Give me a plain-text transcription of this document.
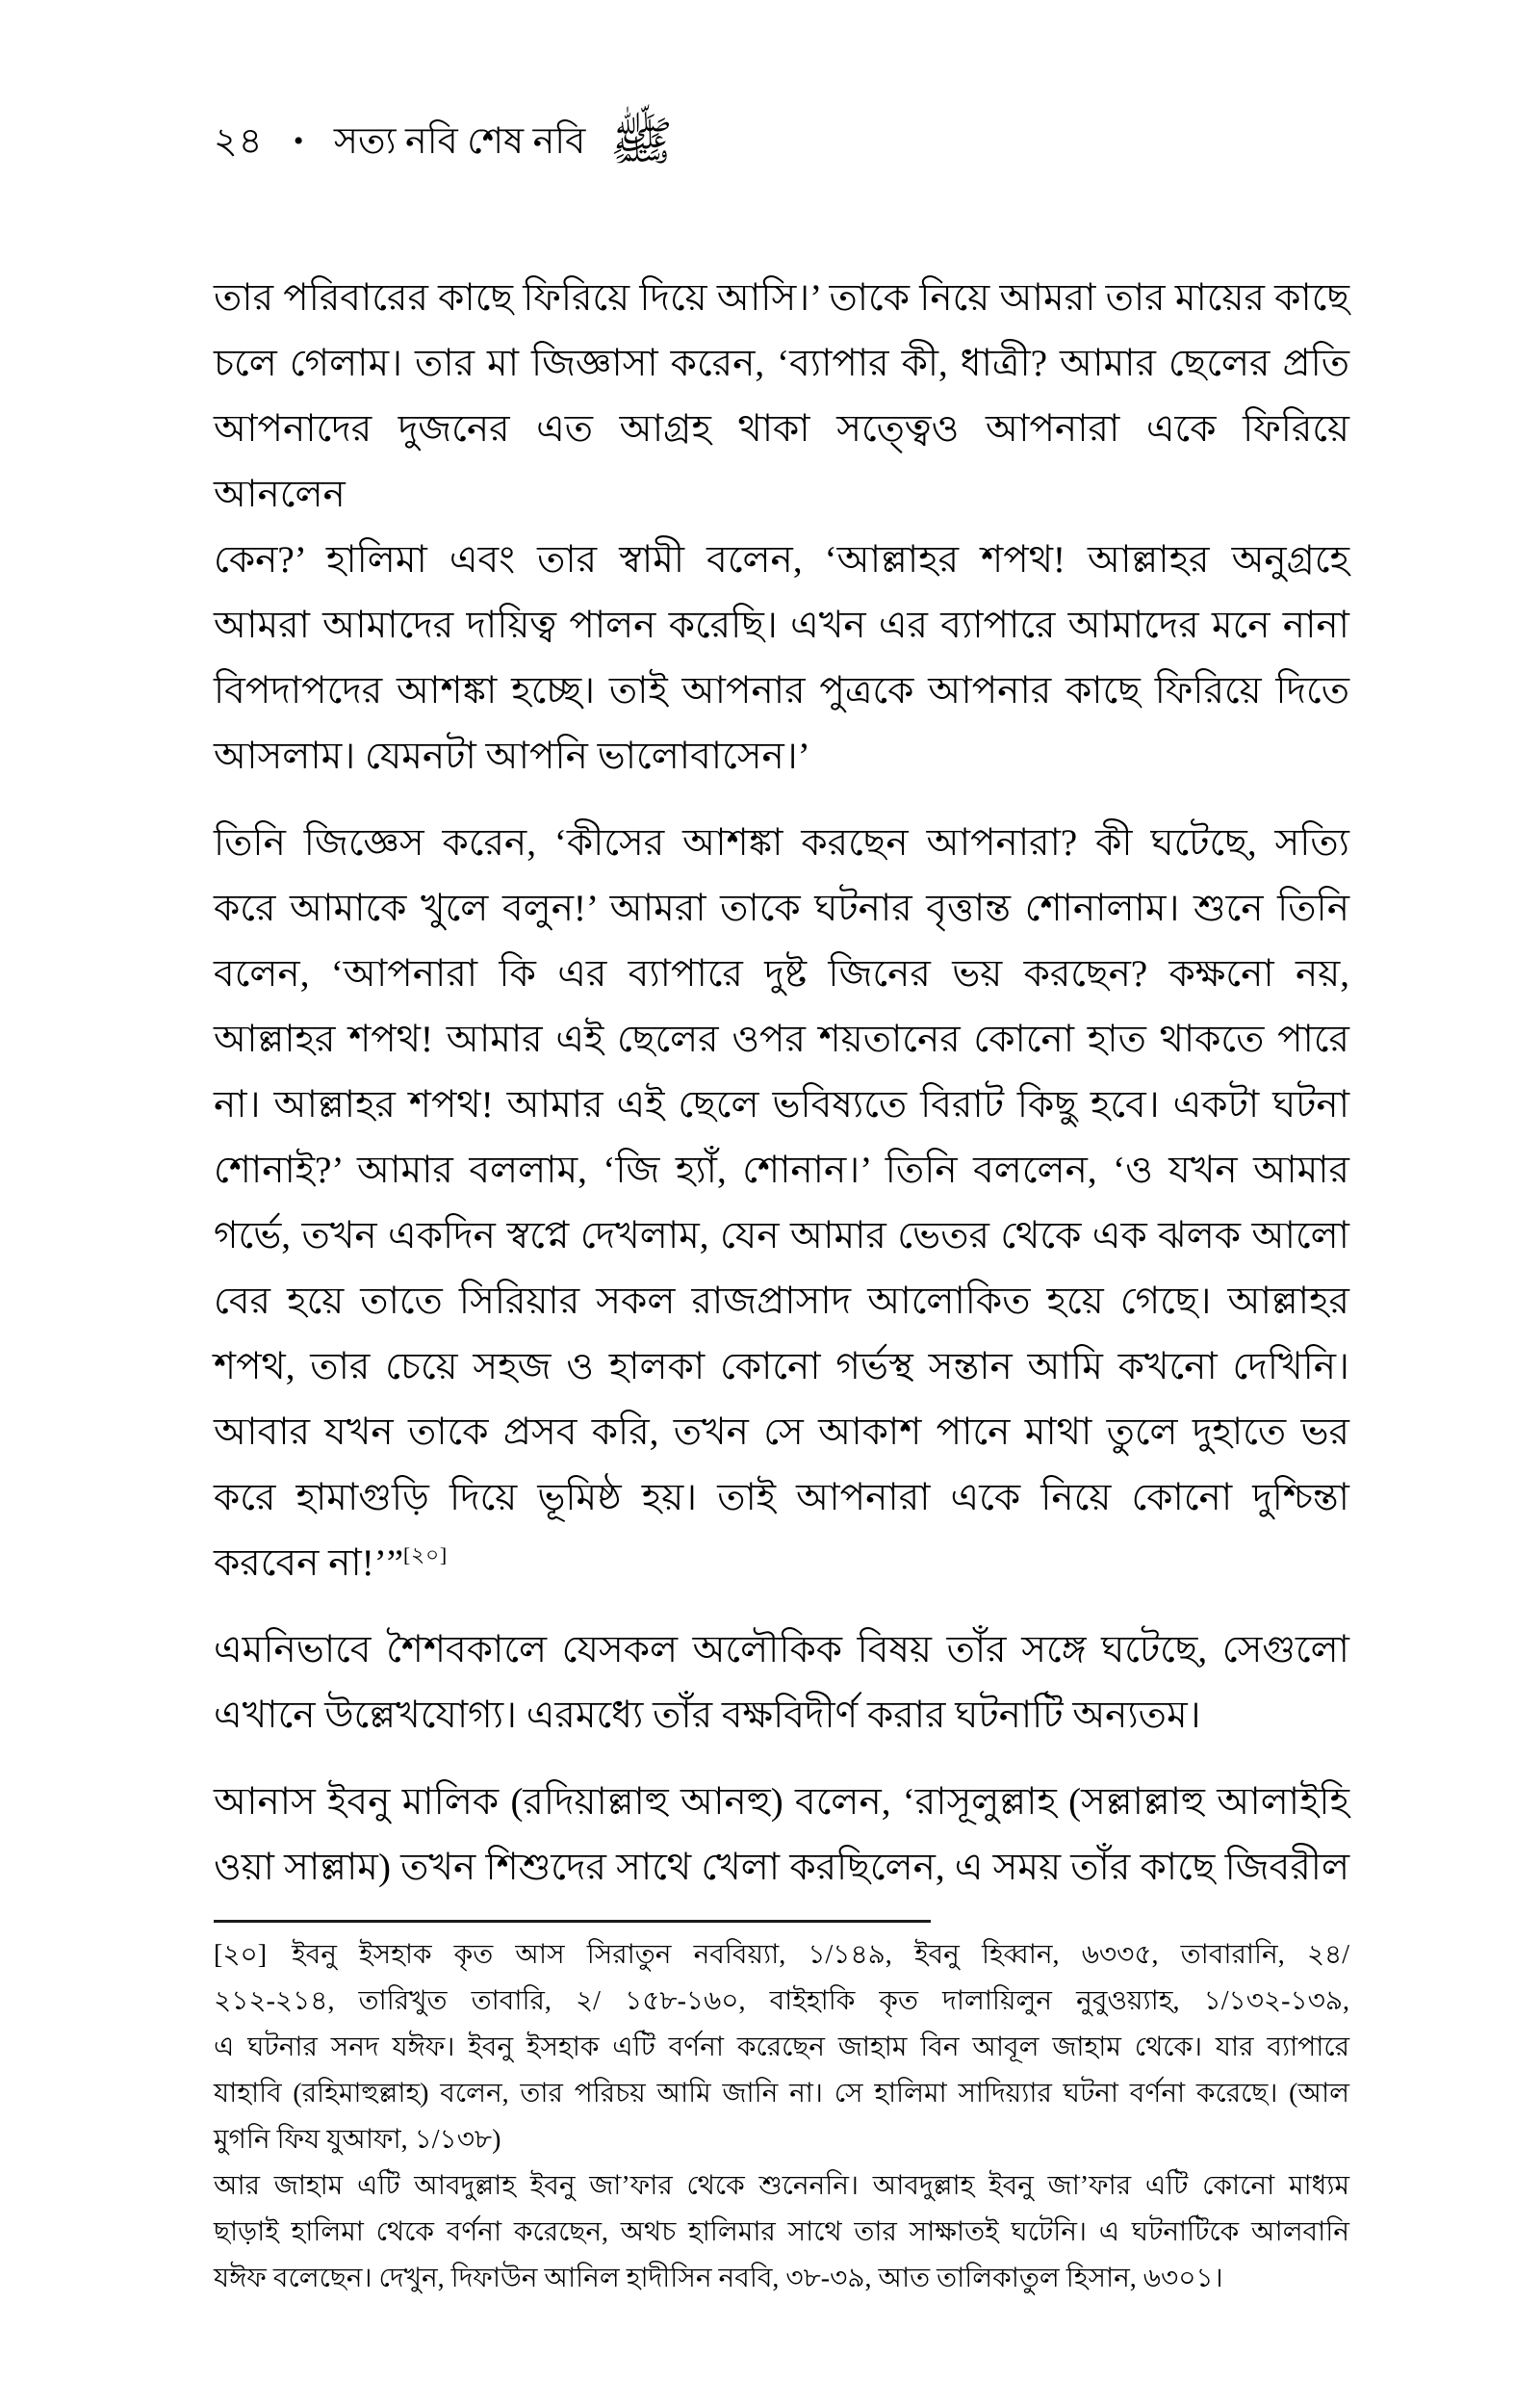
২৪ • সত্য নবি শেষ নবি ﷺ
তার পরিবারের কাছে ফিরিয়ে দিয়ে আসি।’ তাকে নিয়ে আমরা তার মায়ের কাছে
চলে গেলাম। তার মা জিজ্ঞাসা করেন, ‘ব্যাপার কী, ধাত্রী? আমার ছেলের প্রতি
আপনাদের দুজনের এত আগ্রহ থাকা সত্ত্বেও আপনারা একে ফিরিয়ে আনলেন
কেন?’ হালিমা এবং তার স্বামী বলেন, ‘আল্লাহর শপথ! আল্লাহর অনুগ্রহে
আমরা আমাদের দায়িত্ব পালন করেছি। এখন এর ব্যাপারে আমাদের মনে নানা
বিপদাপদের আশঙ্কা হচ্ছে। তাই আপনার পুত্রকে আপনার কাছে ফিরিয়ে দিতে
আসলাম। যেমনটা আপনি ভালোবাসেন।’
তিনি জিজ্ঞেস করেন, ‘কীসের আশঙ্কা করছেন আপনারা? কী ঘটেছে, সত্যি
করে আমাকে খুলে বলুন!’ আমরা তাকে ঘটনার বৃত্তান্ত শোনালাম। শুনে তিনি
বলেন, ‘আপনারা কি এর ব্যাপারে দুষ্ট জিনের ভয় করছেন? কক্ষনো নয়,
আল্লাহর শপথ! আমার এই ছেলের ওপর শয়তানের কোনো হাত থাকতে পারে
না। আল্লাহর শপথ! আমার এই ছেলে ভবিষ্যতে বিরাট কিছু হবে। একটা ঘটনা
শোনাই?’ আমার বললাম, ‘জি হ্যাঁ, শোনান।’ তিনি বললেন, ‘ও যখন আমার
গর্ভে, তখন একদিন স্বপ্নে দেখলাম, যেন আমার ভেতর থেকে এক ঝলক আলো
বের হয়ে তাতে সিরিয়ার সকল রাজপ্রাসাদ আলোকিত হয়ে গেছে। আল্লাহর
শপথ, তার চেয়ে সহজ ও হালকা কোনো গর্ভস্থ সন্তান আমি কখনো দেখিনি।
আবার যখন তাকে প্রসব করি, তখন সে আকাশ পানে মাথা তুলে দুহাতে ভর
করে হামাগুড়ি দিয়ে ভূমিষ্ঠ হয়। তাই আপনারা একে নিয়ে কোনো দুশ্চিন্তা
করবেন না!’”[২০]
এমনিভাবে শৈশবকালে যেসকল অলৌকিক বিষয় তাঁর সঙ্গে ঘটেছে, সেগুলো
এখানে উল্লেখযোগ্য। এরমধ্যে তাঁর বক্ষবিদীর্ণ করার ঘটনাটি অন্যতম।
আনাস ইবনু মালিক (রদিয়াল্লাহু আনহু) বলেন, ‘রাসূলুল্লাহ (সল্লাল্লাহু আলাইহি
ওয়া সাল্লাম) তখন শিশুদের সাথে খেলা করছিলেন, এ সময় তাঁর কাছে জিবরীল
[২০] ইবনু ইসহাক কৃত আস সিরাতুন নববিয়্যা, ১/১৪৯, ইবনু হিব্বান, ৬৩৩৫, তাবারানি, ২৪/
২১২-২১৪, তারিখুত তাবারি, ২/ ১৫৮-১৬০, বাইহাকি কৃত দালায়িলুন নুবুওয়্যাহ, ১/১৩২-১৩৯,
এ ঘটনার সনদ যঈফ। ইবনু ইসহাক এটি বর্ণনা করেছেন জাহাম বিন আবূল জাহাম থেকে। যার ব্যাপারে
যাহাবি (রহিমাহুল্লাহ) বলেন, তার পরিচয় আমি জানি না। সে হালিমা সাদিয়্যার ঘটনা বর্ণনা করেছে। (আল
মুগনি ফিয যুআফা, ১/১৩৮)
আর জাহাম এটি আবদুল্লাহ ইবনু জা’ফার থেকে শুনেননি। আবদুল্লাহ ইবনু জা’ফার এটি কোনো মাধ্যম
ছাড়াই হালিমা থেকে বর্ণনা করেছেন, অথচ হালিমার সাথে তার সাক্ষাতই ঘটেনি। এ ঘটনাটিকে আলবানি
যঈফ বলেছেন। দেখুন, দিফাউন আনিল হাদীসিন নববি, ৩৮-৩৯, আত তালিকাতুল হিসান, ৬৩০১।
